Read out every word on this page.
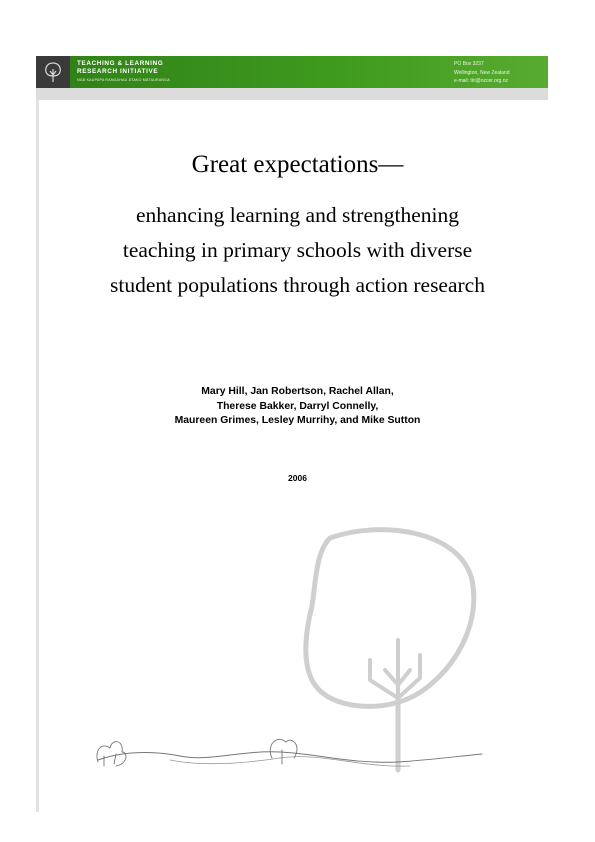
TEACHING & LEARNING
RESEARCH INITIATIVE
NGĀ KAUPAPA RANGAHAU ĀTAKO MĀTAURANGA
PO Box 3237
Wellington, New Zealand
e-mail: tlri@nzcer.org.nz
Great expectations—
enhancing learning and strengthening
teaching in primary schools with diverse
student populations through action research
Mary Hill, Jan Robertson, Rachel Allan,
Therese Bakker, Darryl Connelly,
Maureen Grimes, Lesley Murrihy, and Mike Sutton
2006
